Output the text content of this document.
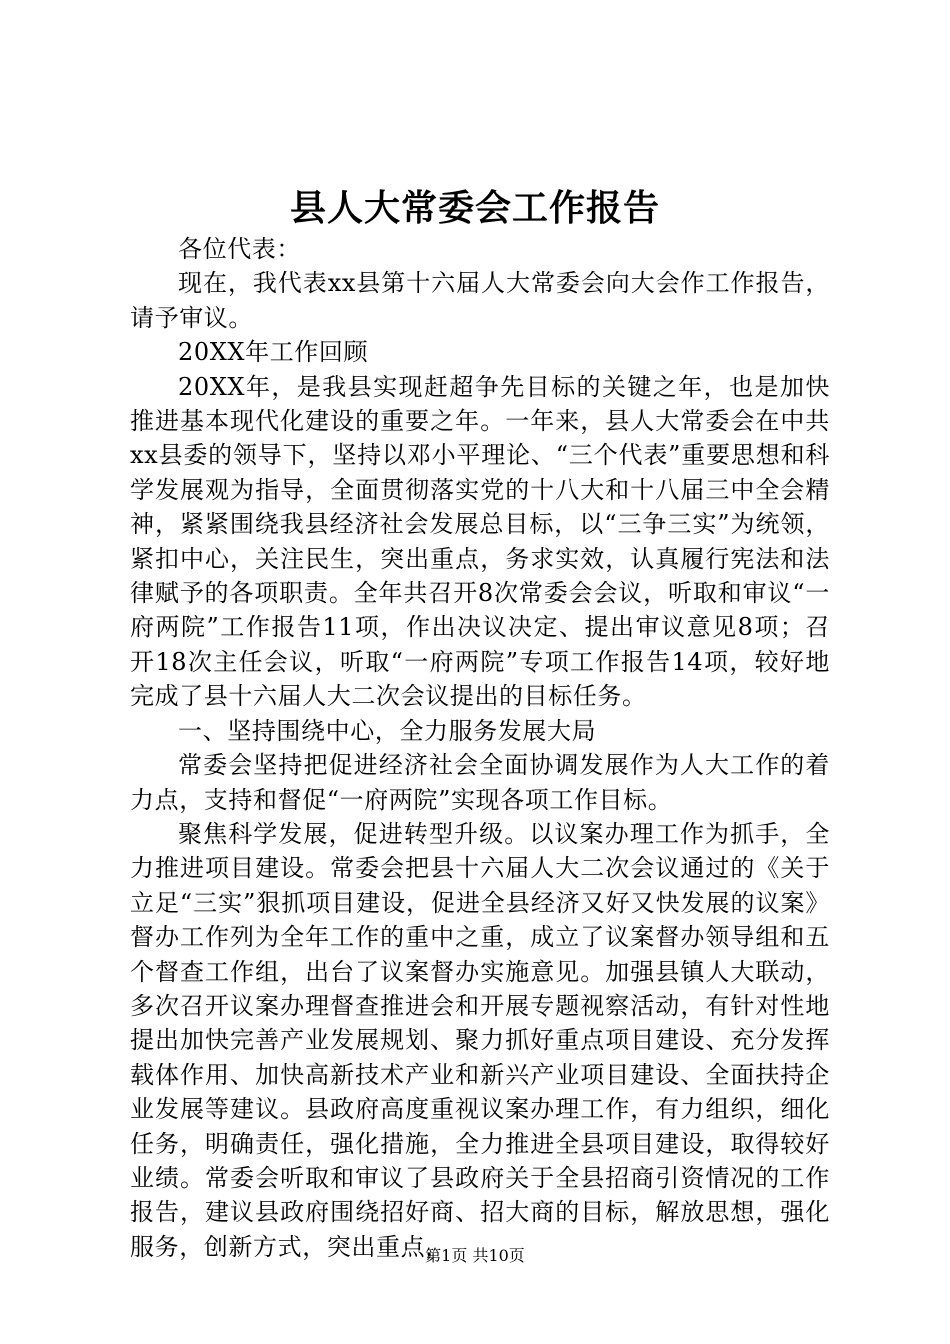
县人大常委会工作报告

各位代表：

现在，我代表xx县第十六届人大常委会向大会作工作报告，请予审议。

20XX年工作回顾

20XX年，是我县实现赶超争先目标的关键之年，也是加快推进基本现代化建设的重要之年。一年来，县人大常委会在中共xx县委的领导下，坚持以邓小平理论、“三个代表”重要思想和科学发展观为指导，全面贯彻落实党的十八大和十八届三中全会精神，紧紧围绕我县经济社会发展总目标，以“三争三实”为统领，紧扣中心，关注民生，突出重点，务求实效，认真履行宪法和法律赋予的各项职责。全年共召开8次常委会会议，听取和审议“一府两院”工作报告11项，作出决议决定、提出审议意见8项；召开18次主任会议，听取“一府两院”专项工作报告14项，较好地完成了县十六届人大二次会议提出的目标任务。

一、坚持围绕中心，全力服务发展大局

常委会坚持把促进经济社会全面协调发展作为人大工作的着力点，支持和督促“一府两院”实现各项工作目标。

聚焦科学发展，促进转型升级。以议案办理工作为抓手，全力推进项目建设。常委会把县十六届人大二次会议通过的《关于立足“三实”狠抓项目建设，促进全县经济又好又快发展的议案》督办工作列为全年工作的重中之重，成立了议案督办领导组和五个督查工作组，出台了议案督办实施意见。加强县镇人大联动，多次召开议案办理督查推进会和开展专题视察活动，有针对性地提出加快完善产业发展规划、聚力抓好重点项目建设、充分发挥载体作用、加快高新技术产业和新兴产业项目建设、全面扶持企业发展等建议。县政府高度重视议案办理工作，有力组织，细化任务，明确责任，强化措施，全力推进全县项目建设，取得较好业绩。常委会听取和审议了县政府关于全县招商引资情况的工作报告，建议县政府围绕招好商、招大商的目标，解放思想，强化服务，创新方式，突出重点，

第1页 共10页
